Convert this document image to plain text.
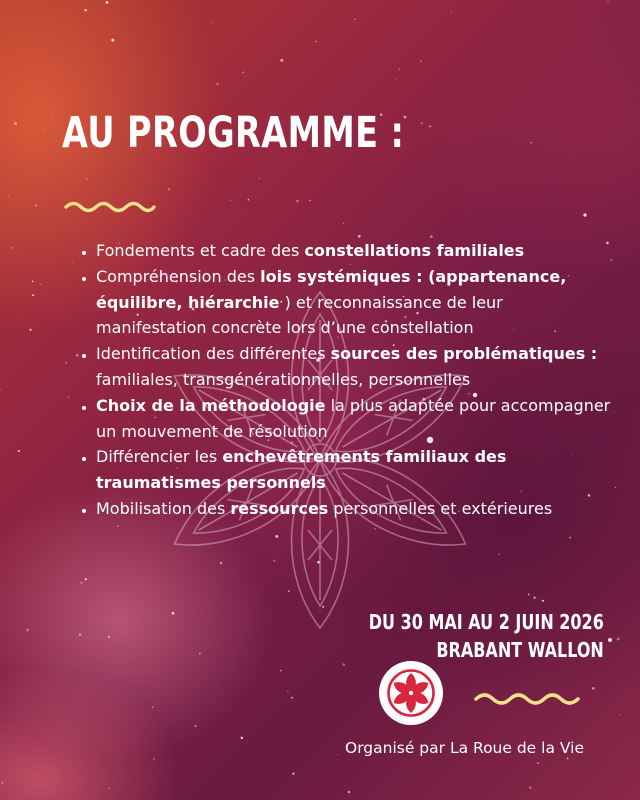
AU PROGRAMME :
• Fondements et cadre des constellations familiales
• Compréhension des lois systémiques : (appartenance, équilibre, hiérarchie ) et reconnaissance de leur manifestation concrète lors d’une constellation
• Identification des différentes sources des problématiques : familiales, transgénérationnelles, personnelles
• Choix de la méthodologie la plus adaptée pour accompagner un mouvement de résolution
• Différencier les enchevêtrements familiaux des traumatismes personnels
• Mobilisation des ressources personnelles et extérieures
DU 30 MAI AU 2 JUIN 2026
BRABANT WALLON

Organisé par La Roue de la Vie
